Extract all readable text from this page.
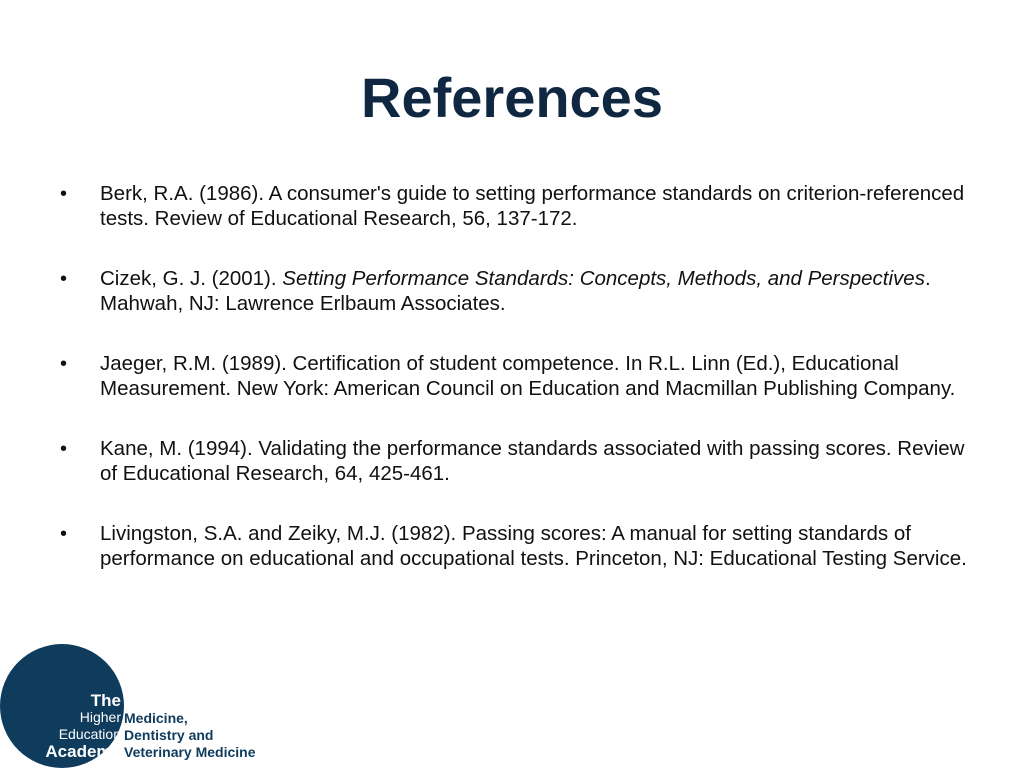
References
•	Berk, R.A. (1986). A consumer's guide to setting performance standards on criterion-referenced tests. Review of Educational Research, 56, 137-172.
•	Cizek, G. J. (2001). Setting Performance Standards: Concepts, Methods, and Perspectives. Mahwah, NJ: Lawrence Erlbaum Associates.
•	Jaeger, R.M. (1989). Certification of student competence. In R.L. Linn (Ed.), Educational Measurement. New York: American Council on Education and Macmillan Publishing Company.
•	Kane, M. (1994). Validating the performance standards associated with passing scores. Review of Educational Research, 64, 425-461.
•	Livingston, S.A. and Zeiky, M.J. (1982). Passing scores: A manual for setting standards of performance on educational and occupational tests. Princeton, NJ: Educational Testing Service.
The
Higher
Education
Academy
Medicine,
Dentistry and
Veterinary Medicine
